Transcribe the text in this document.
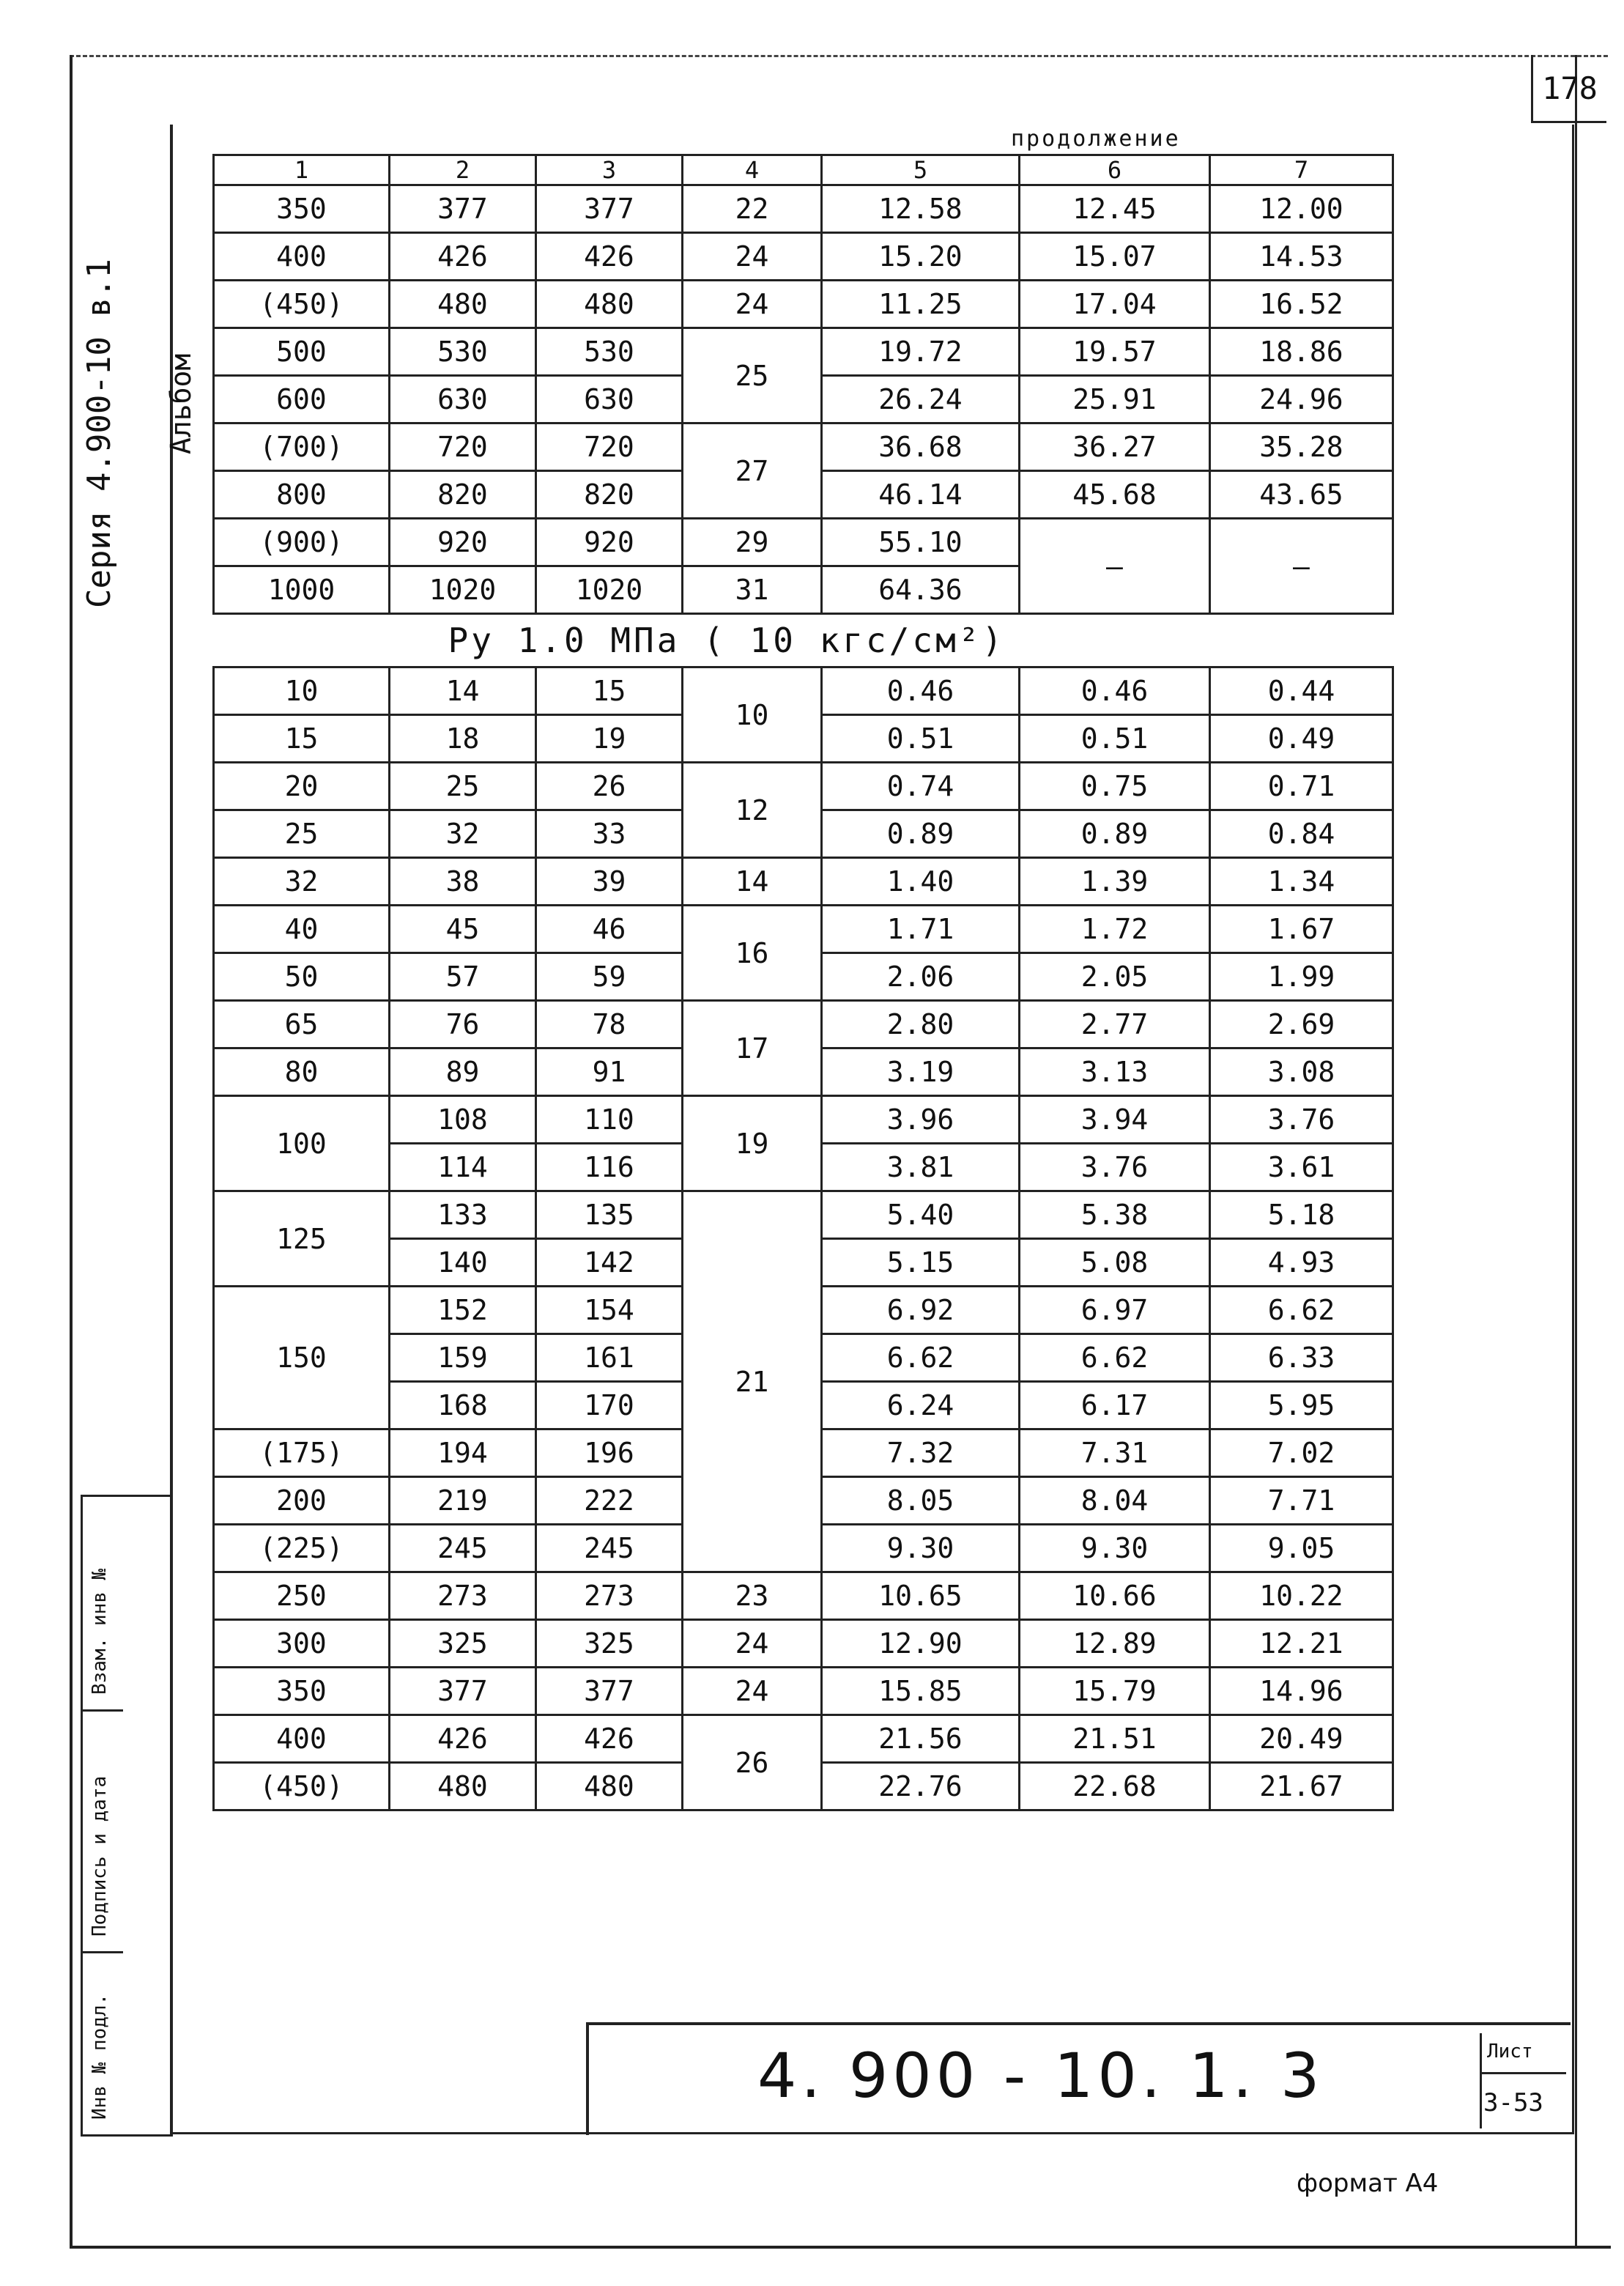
178
Серия 4.900-10 в.1 Альбом
Взам. инв №
Подпись и дата
Инв № подл.
продолжение
1	2	3	4	5	6	7
350	377	377	22	12.58	12.45	12.00
400	426	426	24	15.20	15.07	14.53
(450)	480	480	24	11.25	17.04	16.52
500	530	530	25	19.72	19.57	18.86
600	630	630		26.24	25.91	24.96
(700)	720	720	27	36.68	36.27	35.28
800	820	820		46.14	45.68	43.65
(900)	920	920	29	55.10	—	—
1000	1020	1020	31	64.36		
Ру 1.0 МПа ( 10 кгс/см²)						
10	14	15	10	0.46	0.46	0.44
15	18	19		0.51	0.51	0.49
20	25	26	12	0.74	0.75	0.71
25	32	33		0.89	0.89	0.84
32	38	39	14	1.40	1.39	1.34
40	45	46	16	1.71	1.72	1.67
50	57	59		2.06	2.05	1.99
65	76	78	17	2.80	2.77	2.69
80	89	91		3.19	3.13	3.08
100	108	110	19	3.96	3.94	3.76
	114	116		3.81	3.76	3.61
125	133	135	21	5.40	5.38	5.18
	140	142		5.15	5.08	4.93
150	152	154		6.92	6.97	6.62
	159	161		6.62	6.62	6.33
	168	170		6.24	6.17	5.95
(175)	194	196		7.32	7.31	7.02
200	219	222		8.05	8.04	7.71
(225)	245	245		9.30	9.30	9.05
250	273	273	23	10.65	10.66	10.22
300	325	325	24	12.90	12.89	12.21
350	377	377	24	15.85	15.79	14.96
400	426	426	26	21.56	21.51	20.49
(450)	480	480		22.76	22.68	21.67
4. 900 - 10. 1. 3	Лист
3-53
формат А4
